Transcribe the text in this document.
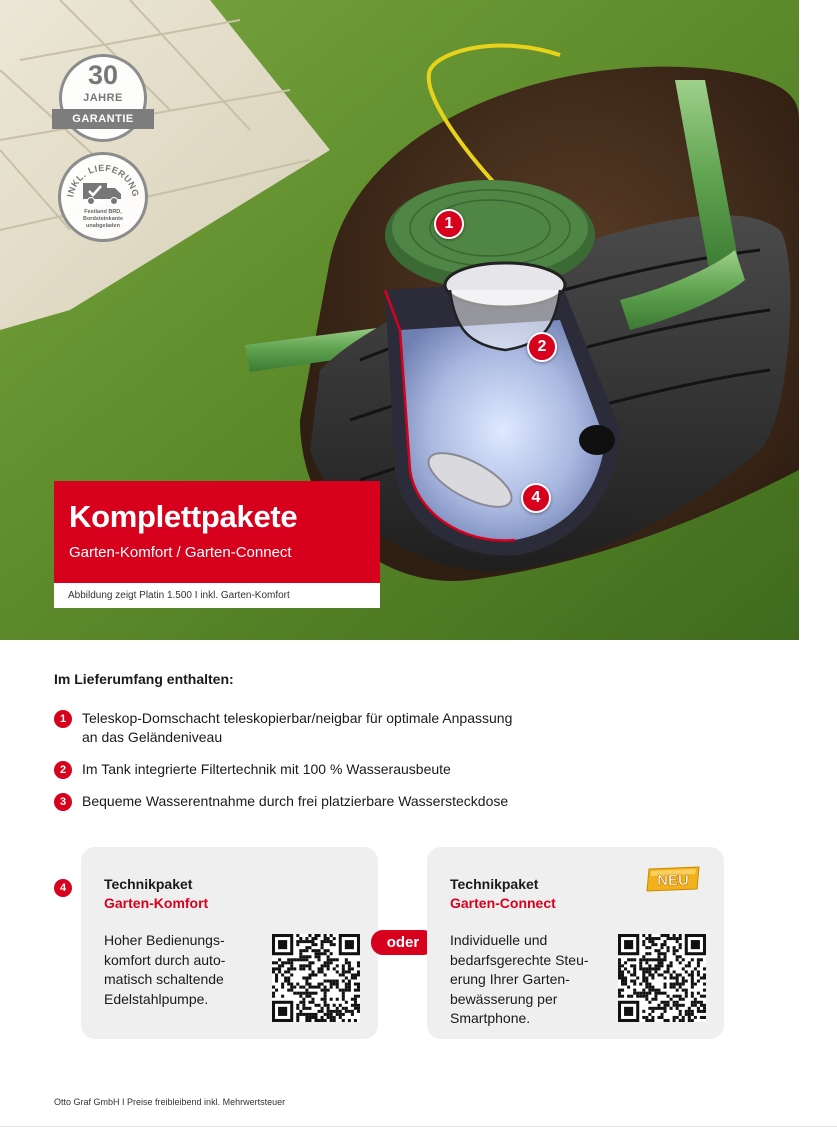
30
JAHRE
GARANTIE
INKL. LIEFERUNG
Festland BRD,
Bordsteinkante
unabgeladen	1
2
4
Komplettpakete
Garten-Komfort / Garten-Connect
Abbildung zeigt Platin 1.500 I inkl. Garten-Komfort
Im Lieferumfang enthalten:
1	Teleskop-Domschacht teleskopierbar/neigbar für optimale Anpassung
an das Geländeniveau
2	Im Tank integrierte Filtertechnik mit 100 % Wasserausbeute
3	Bequeme Wasserentnahme durch frei platzierbare Wassersteckdose
4	Technikpaket
Garten-Komfort
Hoher Bedienungs-
komfort durch auto-
matisch schaltende
Edelstahlpumpe.
oder
Technikpaket
Garten-Connect
Individuelle und
bedarfsgerechte Steu-
erung Ihrer Garten-
bewässerung per
Smartphone.
NEU
Otto Graf GmbH I Preise freibleibend inkl. Mehrwertsteuer
